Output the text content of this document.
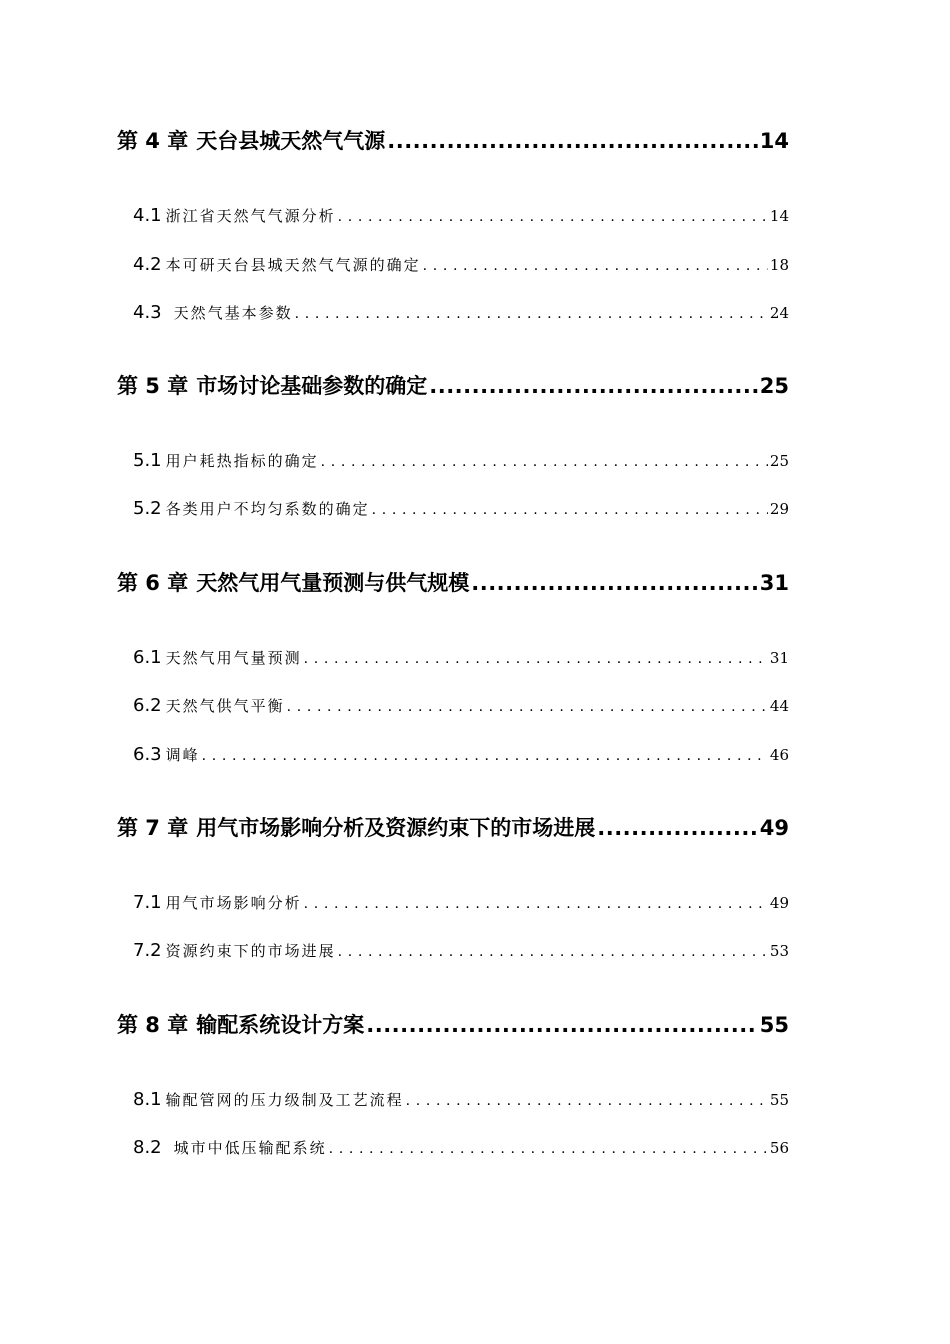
第 4 章 天台县城天然气气源 .....	14
4.1 浙江省天然气气源分析 . . .	14
4.2 本可研天台县城天然气气源的确定 . . .	18
4.3 天然气基本参数 . . .	24
第 5 章 市场讨论基础参数的确定 .....	25
5.1 用户耗热指标的确定 . . .	25
5.2 各类用户不均匀系数的确定 . . .	29
第 6 章 天然气用气量预测与供气规模 .....	31
6.1 天然气用气量预测 . . .	31
6.2 天然气供气平衡 . . .	44
6.3 调峰 . . .	46
第 7 章 用气市场影响分析及资源约束下的市场进展 .....	49
7.1 用气市场影响分析 . . .	49
7.2 资源约束下的市场进展 . . .	53
第 8 章 输配系统设计方案 .....	55
8.1 输配管网的压力级制及工艺流程 . . .	55
8.2 城市中低压输配系统 . . .	56
